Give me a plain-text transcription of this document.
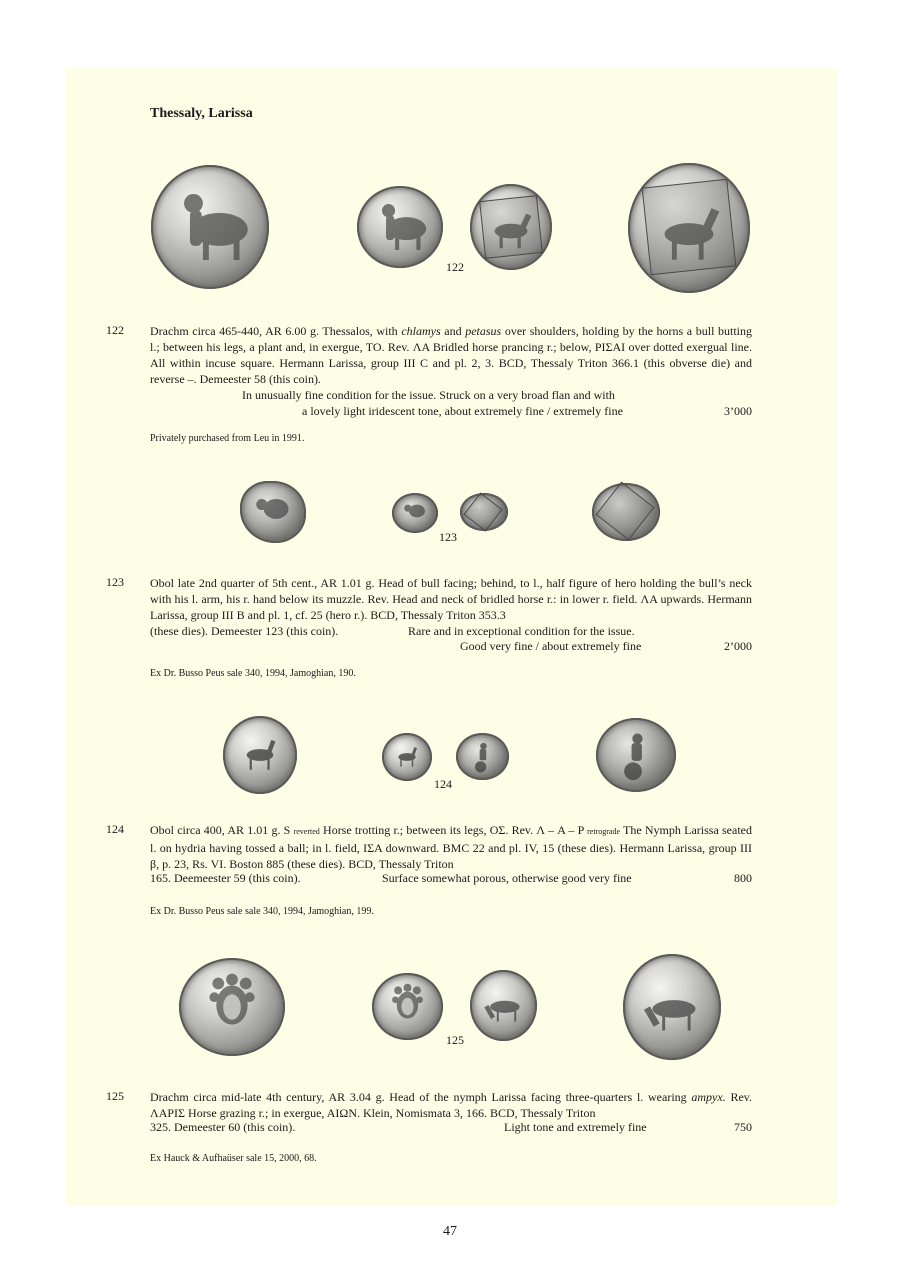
Thessaly, Larissa
122
122 Drachm circa 465-440, AR 6.00 g. Thessalos, with chlamys and petasus over shoulders, holding by the horns a bull butting l.; between his legs, a plant and, in exergue, TO. Rev. ΛA Bridled horse prancing r.; below, PIΣAI over dotted exergual line. All within incuse square. Hermann Larissa, group III C and pl. 2, 3. BCD, Thessaly Triton 366.1 (this obverse die) and reverse –. Demeester 58 (this coin).
In unusually fine condition for the issue. Struck on a very broad flan and with
a lovely light iridescent tone, about extremely fine / extremely fine	3’000
Privately purchased from Leu in 1991.
123
123 Obol late 2nd quarter of 5th cent., AR 1.01 g. Head of bull facing; behind, to l., half figure of hero holding the bull’s neck with his l. arm, his r. hand below its muzzle. Rev. Head and neck of bridled horse r.: in lower r. field. ΛA upwards. Hermann Larissa, group III B and pl. 1, cf. 25 (hero r.). BCD, Thessaly Triton 353.3
(these dies). Demeester 123 (this coin).	Rare and in exceptional condition for the issue.
Good very fine / about extremely fine	2’000
Ex Dr. Busso Peus sale 340, 1994, Jamoghian, 190.
124
124 Obol circa 400, AR 1.01 g. S reverted Horse trotting r.; between its legs, OΣ. Rev. Λ – A – P retrograde The Nymph Larissa seated l. on hydria having tossed a ball; in l. field, IΣA downward. BMC 22 and pl. IV, 15 (these dies). Hermann Larissa, group III β, p. 23, Rs. VI. Boston 885 (these dies). BCD, Thessaly Triton
165. Deemeester 59 (this coin).	Surface somewhat porous, otherwise good very fine	800
Ex Dr. Busso Peus sale sale 340, 1994, Jamoghian, 199.
125
125 Drachm circa mid-late 4th century, AR 3.04 g. Head of the nymph Larissa facing three-quarters l. wearing ampyx. Rev. ΛAPIΣ Horse grazing r.; in exergue, AIΩN. Klein, Nomismata 3, 166. BCD, Thessaly Triton
325. Demeester 60 (this coin).	Light tone and extremely fine	750
Ex Hauck & Aufhaüser sale 15, 2000, 68.
47
